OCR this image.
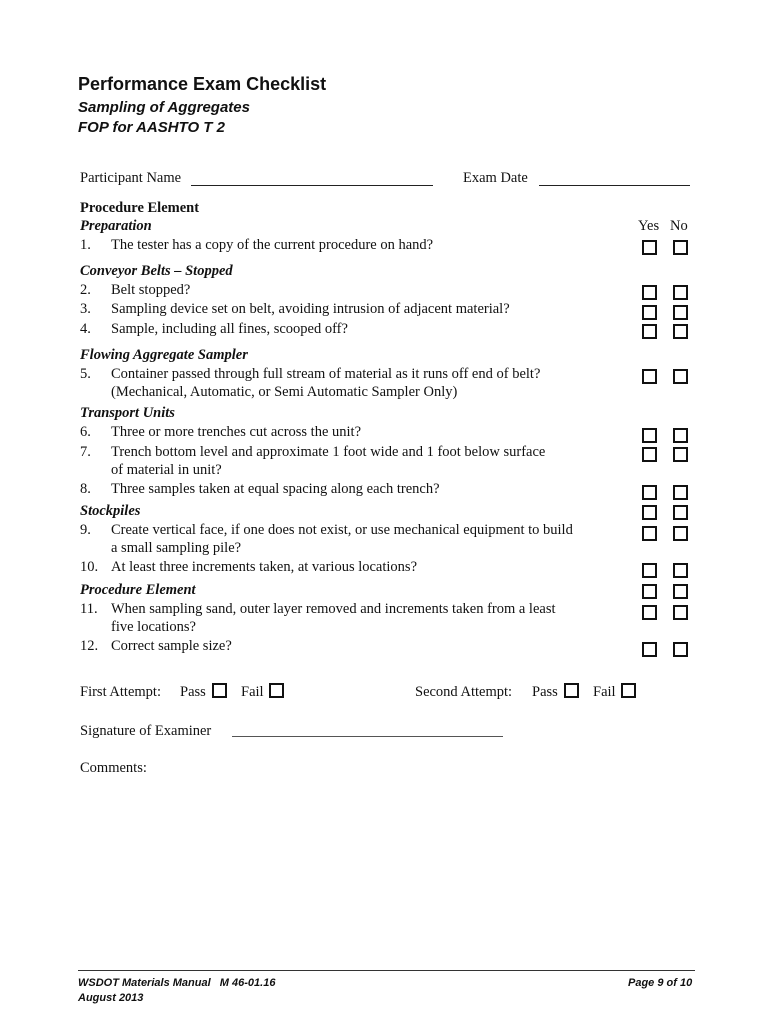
Performance Exam Checklist
Sampling of Aggregates
FOP for AASHTO T 2
Participant Name	Exam Date
Procedure Element
Yes No
Preparation
Conveyor Belts – Stopped
Flowing Aggregate Sampler
Transport Units
Stockpiles
Procedure Element
1. The tester has a copy of the current procedure on hand?
2. Belt stopped?
3. Sampling device set on belt, avoiding intrusion of adjacent material?
4. Sample, including all fines, scooped off?
5. Container passed through full stream of material as it runs off end of belt?
(Mechanical, Automatic, or Semi Automatic Sampler Only)
6. Three or more trenches cut across the unit?
7. Trench bottom level and approximate 1 foot wide and 1 foot below surface
of material in unit?
8. Three samples taken at equal spacing along each trench?
9. Create vertical face, if one does not exist, or use mechanical equipment to build
a small sampling pile?
10. At least three increments taken, at various locations?
11. When sampling sand, outer layer removed and increments taken from a least
five locations?
12. Correct sample size?
First Attempt: Pass Fail	Second Attempt: Pass Fail
Signature of Examiner
Comments:
WSDOT Materials Manual   M 46-01.16
August 2013
Page 9 of 10
